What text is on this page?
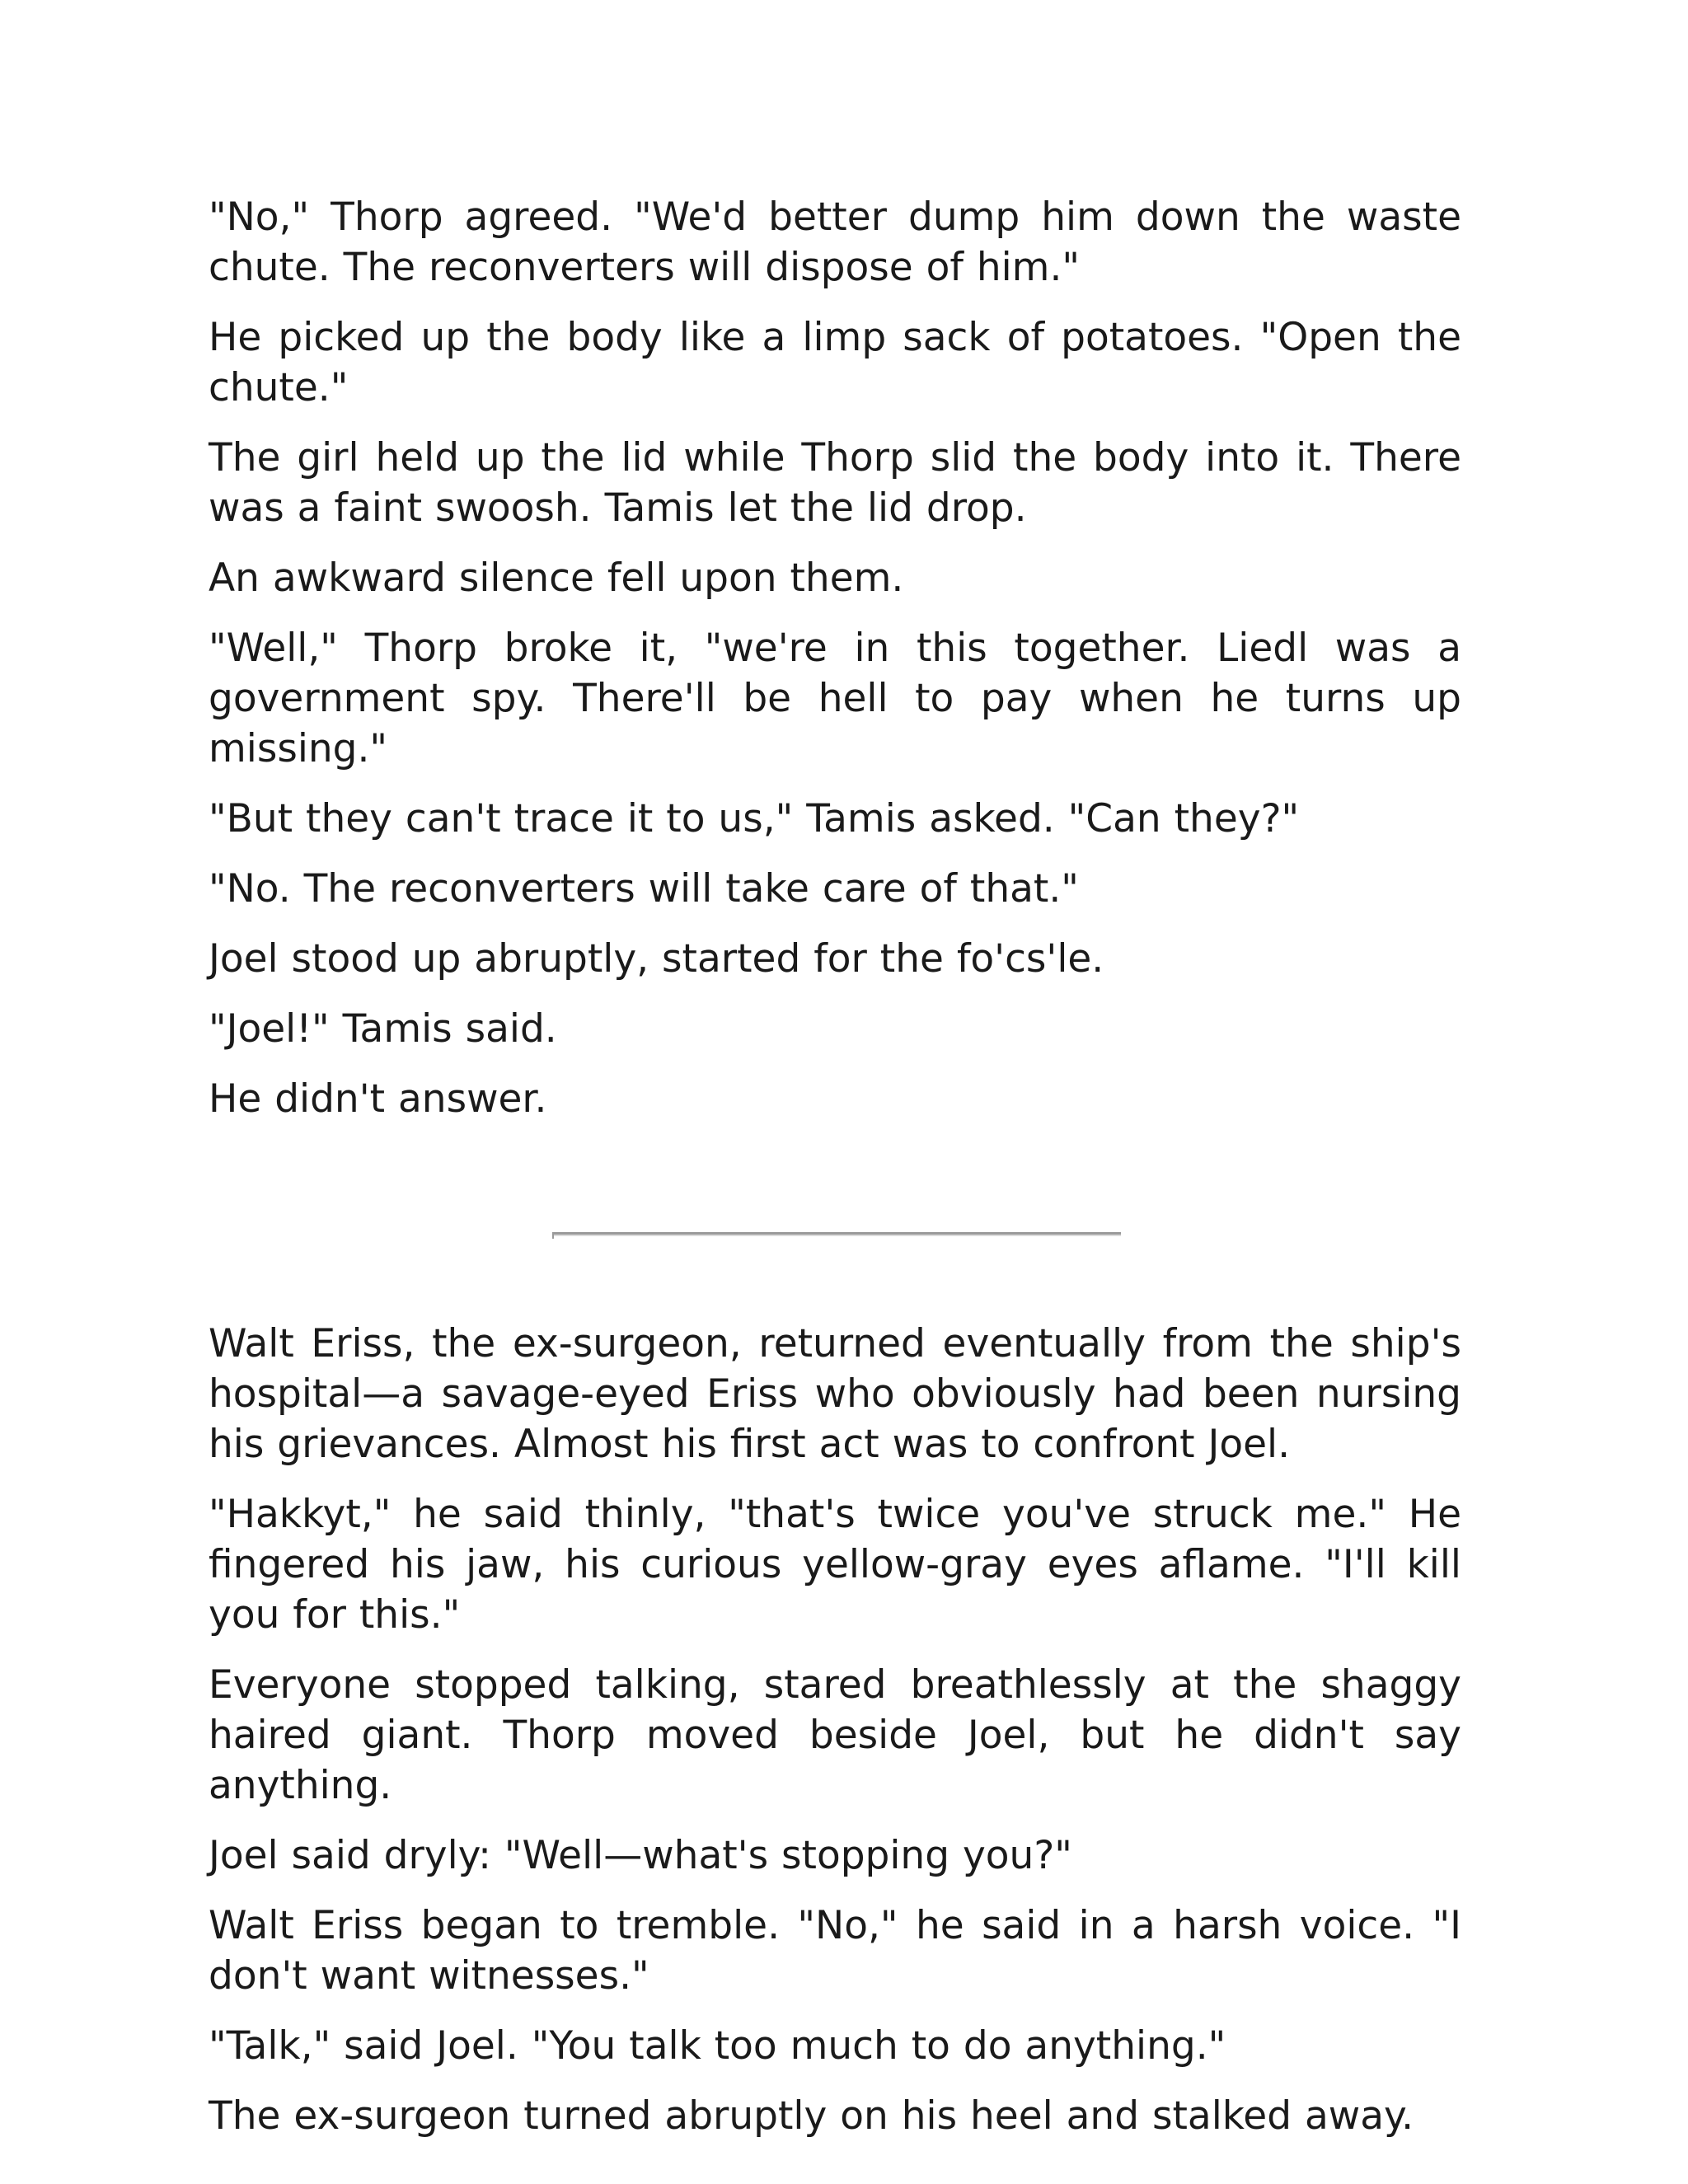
"No," Thorp agreed. "We'd better dump him down the waste chute. The reconverters will dispose of him."

He picked up the body like a limp sack of potatoes. "Open the chute."

The girl held up the lid while Thorp slid the body into it. There was a faint swoosh. Tamis let the lid drop.

An awkward silence fell upon them.

"Well," Thorp broke it, "we're in this together. Liedl was a government spy. There'll be hell to pay when he turns up missing."

"But they can't trace it to us," Tamis asked. "Can they?"

"No. The reconverters will take care of that."

Joel stood up abruptly, started for the fo'cs'le.

"Joel!" Tamis said.

He didn't answer.

Walt Eriss, the ex-surgeon, returned eventually from the ship's hospital—a savage-eyed Eriss who obviously had been nursing his grievances. Almost his first act was to confront Joel.

"Hakkyt," he said thinly, "that's twice you've struck me." He fingered his jaw, his curious yellow-gray eyes aflame. "I'll kill you for this."

Everyone stopped talking, stared breathlessly at the shaggy haired giant. Thorp moved beside Joel, but he didn't say anything.

Joel said dryly: "Well—what's stopping you?"

Walt Eriss began to tremble. "No," he said in a harsh voice. "I don't want witnesses."

"Talk," said Joel. "You talk too much to do anything."

The ex-surgeon turned abruptly on his heel and stalked away.
